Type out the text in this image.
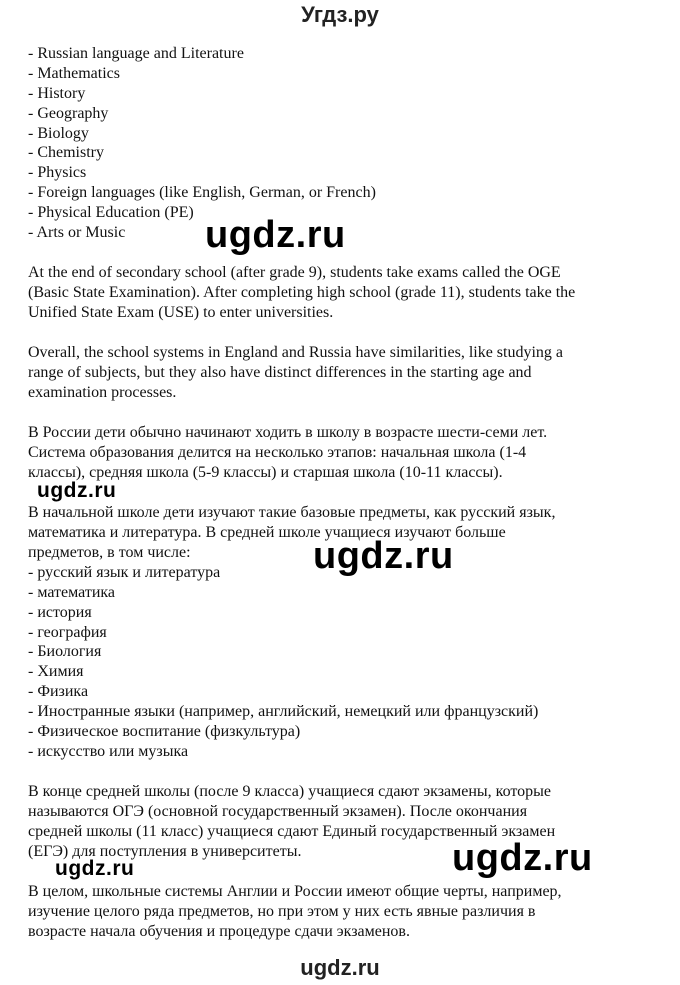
Угдз.ру
- Russian language and Literature
- Mathematics
- History
- Geography
- Biology
- Chemistry
- Physics
- Foreign languages (like English, German, or French)
- Physical Education (PE)
- Arts or Music

At the end of secondary school (after grade 9), students take exams called the OGE
(Basic State Examination). After completing high school (grade 11), students take the
Unified State Exam (USE) to enter universities.

Overall, the school systems in England and Russia have similarities, like studying a
range of subjects, but they also have distinct differences in the starting age and
examination processes.

В России дети обычно начинают ходить в школу в возрасте шести-семи лет.
Система образования делится на несколько этапов: начальная школа (1-4
классы), средняя школа (5-9 классы) и старшая школа (10-11 классы).

В начальной школе дети изучают такие базовые предметы, как русский язык,
математика и литература. В средней школе учащиеся изучают больше
предметов, в том числе:

- русский язык и литература
- математика
- история
- география
- Биология
- Химия
- Физика
- Иностранные языки (например, английский, немецкий или французский)
- Физическое воспитание (физкультура)
- искусство или музыка

В конце средней школы (после 9 класса) учащиеся сдают экзамены, которые
называются ОГЭ (основной государственный экзамен). После окончания
средней школы (11 класс) учащиеся сдают Единый государственный экзамен
(ЕГЭ) для поступления в университеты.

В целом, школьные системы Англии и России имеют общие черты, например,
изучение целого ряда предметов, но при этом у них есть явные различия в
возрасте начала обучения и процедуре сдачи экзаменов.

ugdz.ru
ugdz.ru
ugdz.ru
ugdz.ru	ugdz.ru
ugdz.ru
